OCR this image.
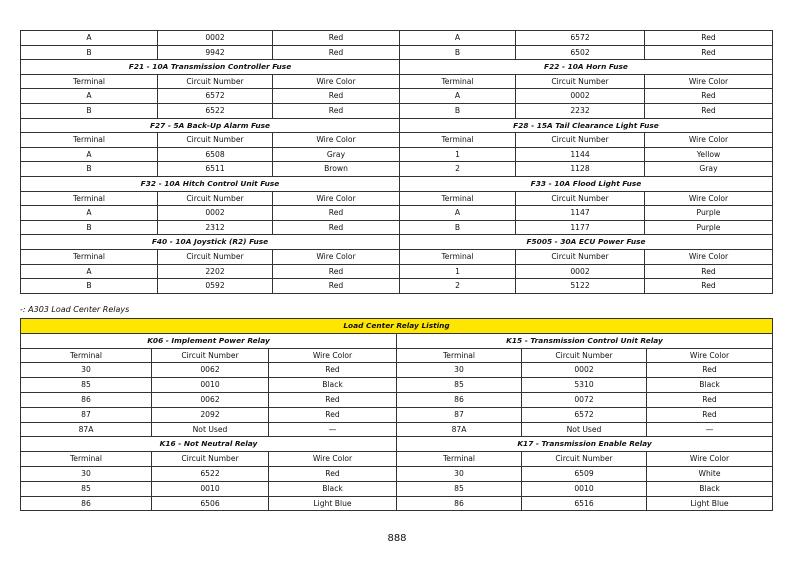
A	0002	Red	A	6572	Red
B	9942	Red	B	6502	Red
F21 - 10A Transmission Controller Fuse			F22 - 10A Horn Fuse		
Terminal	Circuit Number	Wire Color	Terminal	Circuit Number	Wire Color
A	6572	Red	A	0002	Red
B	6522	Red	B	2232	Red
F27 - 5A Back-Up Alarm Fuse			F28 - 15A Tail Clearance Light Fuse		
Terminal	Circuit Number	Wire Color	Terminal	Circuit Number	Wire Color
A	6508	Gray	1	1144	Yellow
B	6511	Brown	2	1128	Gray
F32 - 10A Hitch Control Unit Fuse			F33 - 10A Flood Light Fuse		
Terminal	Circuit Number	Wire Color	Terminal	Circuit Number	Wire Color
A	0002	Red	A	1147	Purple
B	2312	Red	B	1177	Purple
F40 - 10A Joystick (R2) Fuse			F5005 - 30A ECU Power Fuse		
Terminal	Circuit Number	Wire Color	Terminal	Circuit Number	Wire Color
A	2202	Red	1	0002	Red
B	0592	Red	2	5122	Red
-: A303 Load Center Relays
Load Center Relay Listing					
K06 - Implement Power Relay			K15 - Transmission Control Unit Relay		
Terminal	Circuit Number	Wire Color	Terminal	Circuit Number	Wire Color
30	0062	Red	30	0002	Red
85	0010	Black	85	5310	Black
86	0062	Red	86	0072	Red
87	2092	Red	87	6572	Red
87A	Not Used	—	87A	Not Used	—
K16 - Not Neutral Relay			K17 - Transmission Enable Relay		
Terminal	Circuit Number	Wire Color	Terminal	Circuit Number	Wire Color
30	6522	Red	30	6509	White
85	0010	Black	85	0010	Black
86	6506	Light Blue	86	6516	Light Blue
888
